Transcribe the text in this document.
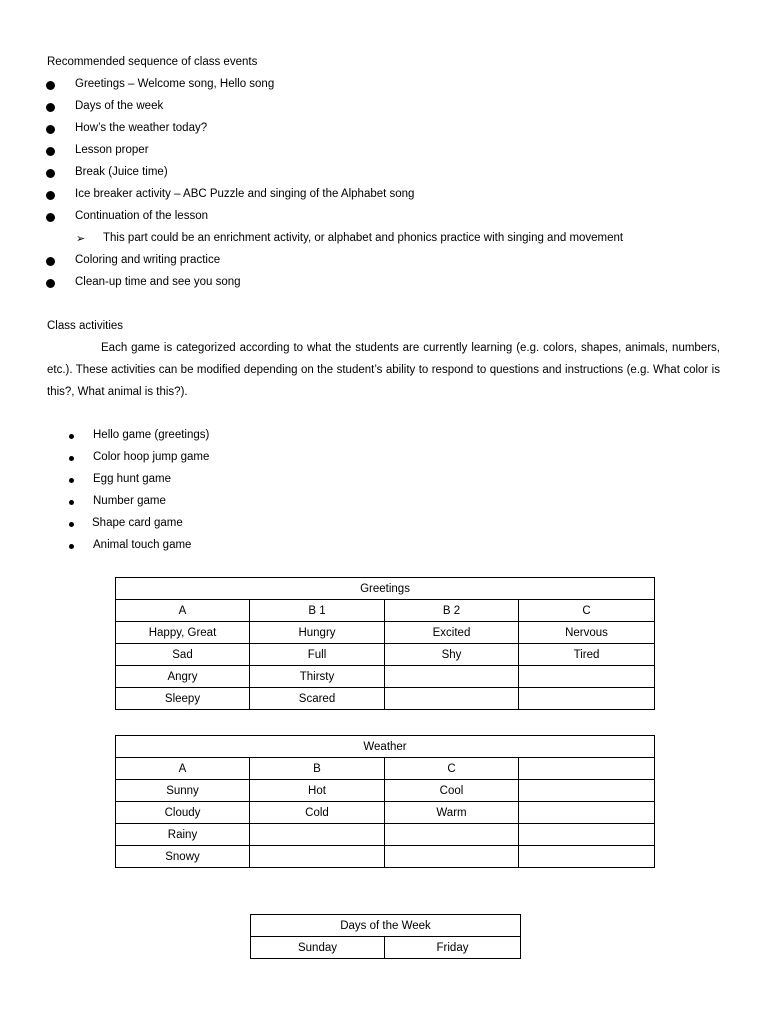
Recommended sequence of class events
Greetings – Welcome song, Hello song
Days of the week
How’s the weather today?
Lesson proper
Break (Juice time)
Ice breaker activity – ABC Puzzle and singing of the Alphabet song
Continuation of the lesson
➢ This part could be an enrichment activity, or alphabet and phonics practice with singing and movement
Coloring and writing practice
Clean-up time and see you song
Class activities
Each game is categorized according to what the students are currently learning (e.g. colors, shapes, animals, numbers, etc.). These activities can be modified depending on the student’s ability to respond to questions and instructions (e.g. What color is this?, What animal is this?).
Hello game (greetings)
Color hoop jump game
Egg hunt game
Number game
Shape card game
Animal touch game
Greetings			
A	B 1	B 2	C
Happy, Great	Hungry	Excited	Nervous
Sad	Full	Shy	Tired
Angry	Thirsty		
Sleepy	Scared		
Weather			
A	B	C	
Sunny	Hot	Cool	
Cloudy	Cold	Warm	
Rainy			
Snowy			
Days of the Week
Sunday	Friday
